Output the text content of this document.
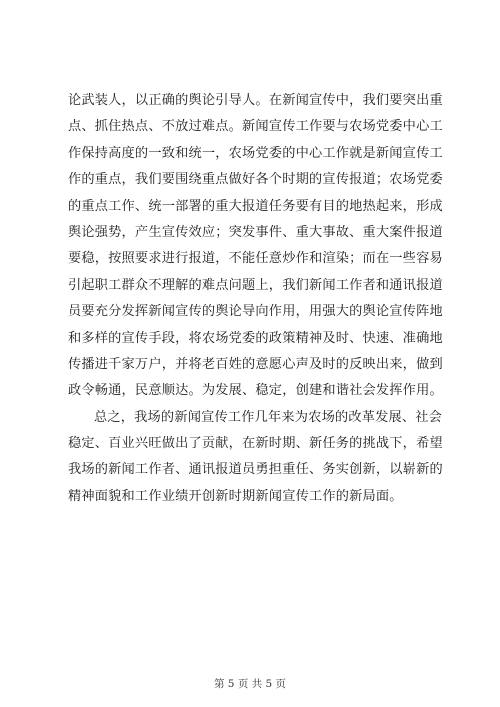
论武装人，以正确的舆论引导人。在新闻宣传中，我们要突出重
点、抓住热点、不放过难点。新闻宣传工作要与农场党委中心工
作保持高度的一致和统一，农场党委的中心工作就是新闻宣传工
作的重点，我们要围绕重点做好各个时期的宣传报道；农场党委
的重点工作、统一部署的重大报道任务要有目的地热起来，形成
舆论强势，产生宣传效应；突发事件、重大事故、重大案件报道
要稳，按照要求进行报道，不能任意炒作和渲染；而在一些容易
引起职工群众不理解的难点问题上，我们新闻工作者和通讯报道
员要充分发挥新闻宣传的舆论导向作用，用强大的舆论宣传阵地
和多样的宣传手段，将农场党委的政策精神及时、快速、准确地
传播进千家万户，并将老百姓的意愿心声及时的反映出来，做到
政令畅通，民意顺达。为发展、稳定，创建和谐社会发挥作用。
总之，我场的新闻宣传工作几年来为农场的改革发展、社会
稳定、百业兴旺做出了贡献，在新时期、新任务的挑战下，希望
我场的新闻工作者、通讯报道员勇担重任、务实创新，以崭新的
精神面貌和工作业绩开创新时期新闻宣传工作的新局面。
第 5 页 共 5 页
